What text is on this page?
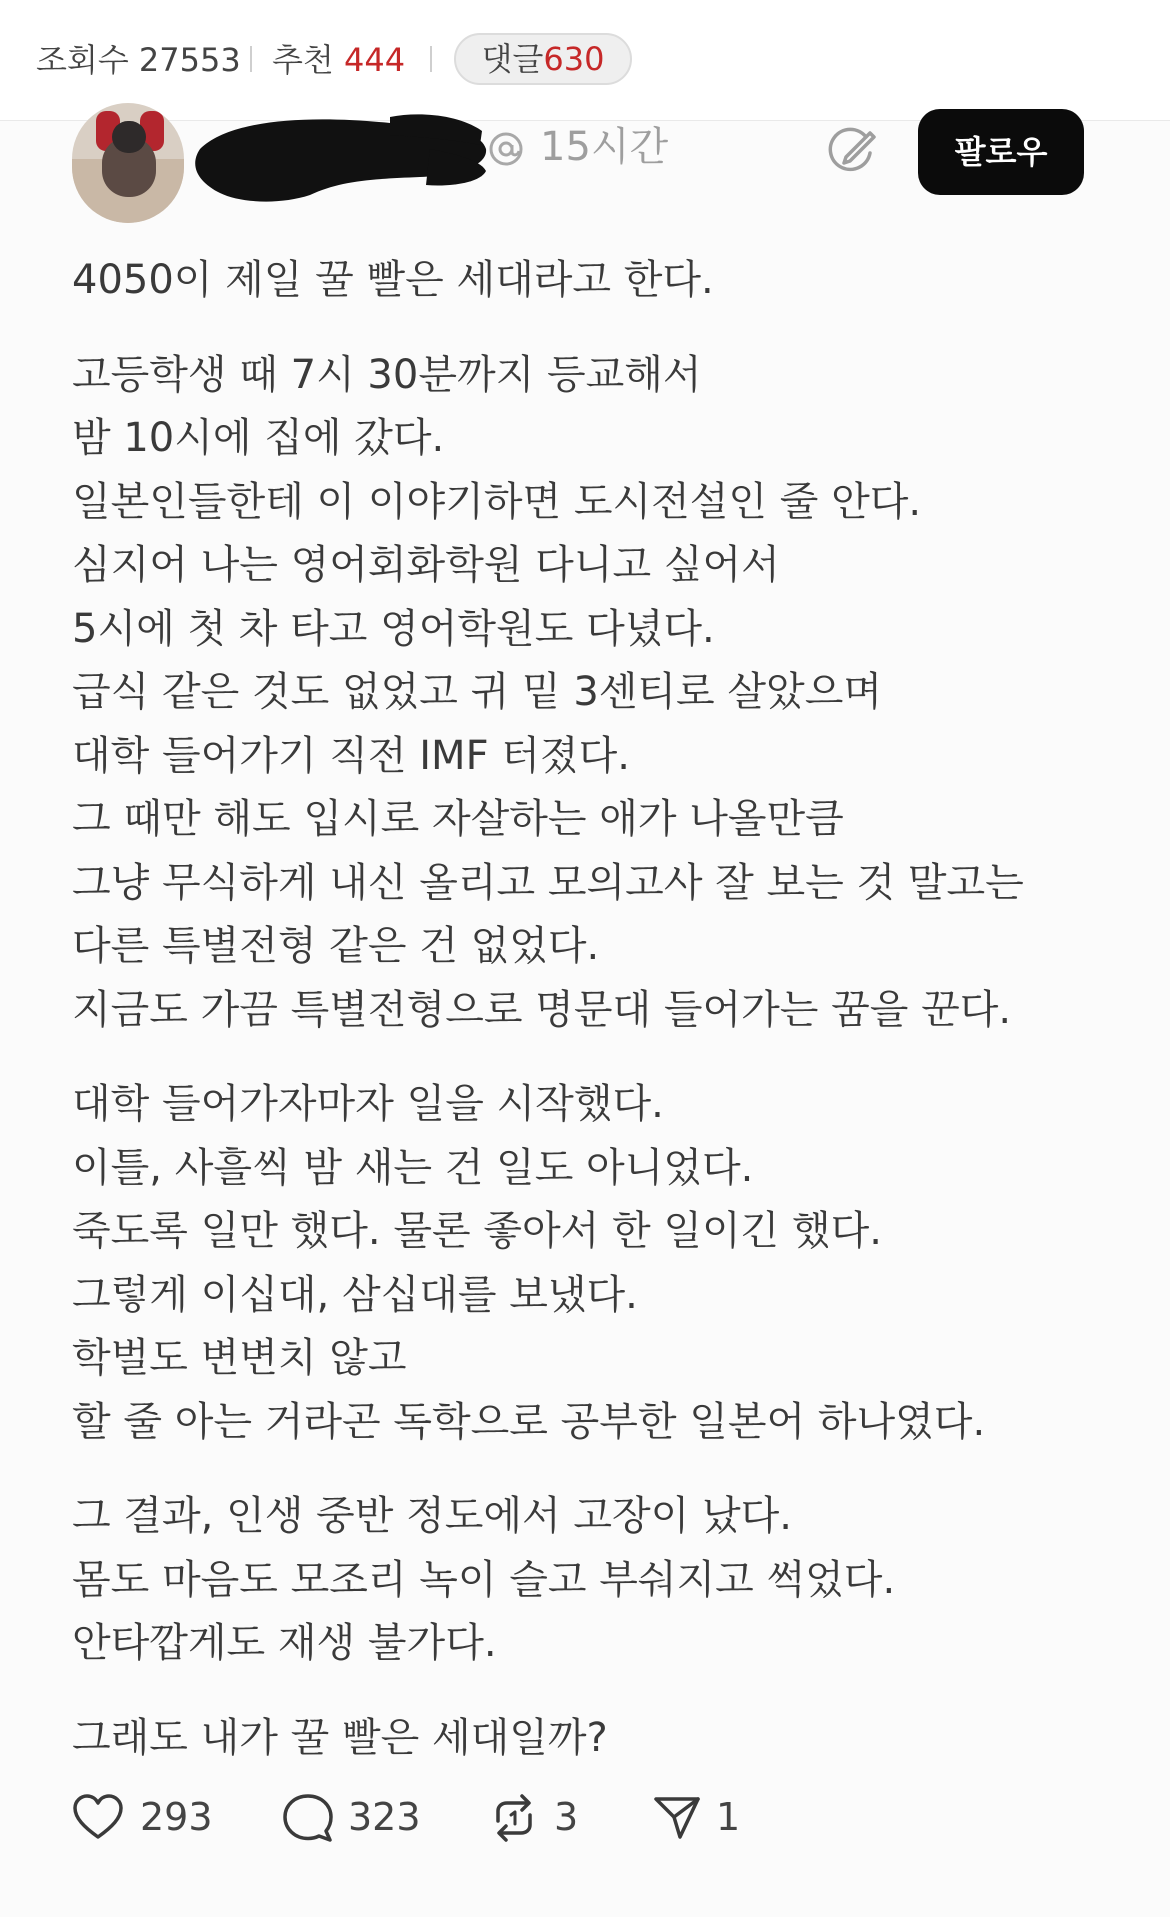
조회수 27553 추천 444	댓글630
15시간	팔로우
4050이 제일 꿀 빨은 세대라고 한다.
고등학생 때 7시 30분까지 등교해서
밤 10시에 집에 갔다.
일본인들한테 이 이야기하면 도시전설인 줄 안다.
심지어 나는 영어회화학원 다니고 싶어서
5시에 첫 차 타고 영어학원도 다녔다.
급식 같은 것도 없었고 귀 밑 3센티로 살았으며
대학 들어가기 직전 IMF 터졌다.
그 때만 해도 입시로 자살하는 애가 나올만큼
그냥 무식하게 내신 올리고 모의고사 잘 보는 것 말고는
다른 특별전형 같은 건 없었다.
지금도 가끔 특별전형으로 명문대 들어가는 꿈을 꾼다.
대학 들어가자마자 일을 시작했다.
이틀, 사흘씩 밤 새는 건 일도 아니었다.
죽도록 일만 했다. 물론 좋아서 한 일이긴 했다.
그렇게 이십대, 삼십대를 보냈다.
학벌도 변변치 않고
할 줄 아는 거라곤 독학으로 공부한 일본어 하나였다.
그 결과, 인생 중반 정도에서 고장이 났다.
몸도 마음도 모조리 녹이 슬고 부숴지고 썩었다.
안타깝게도 재생 불가다.
그래도 내가 꿀 빨은 세대일까?
293	323	3	1
